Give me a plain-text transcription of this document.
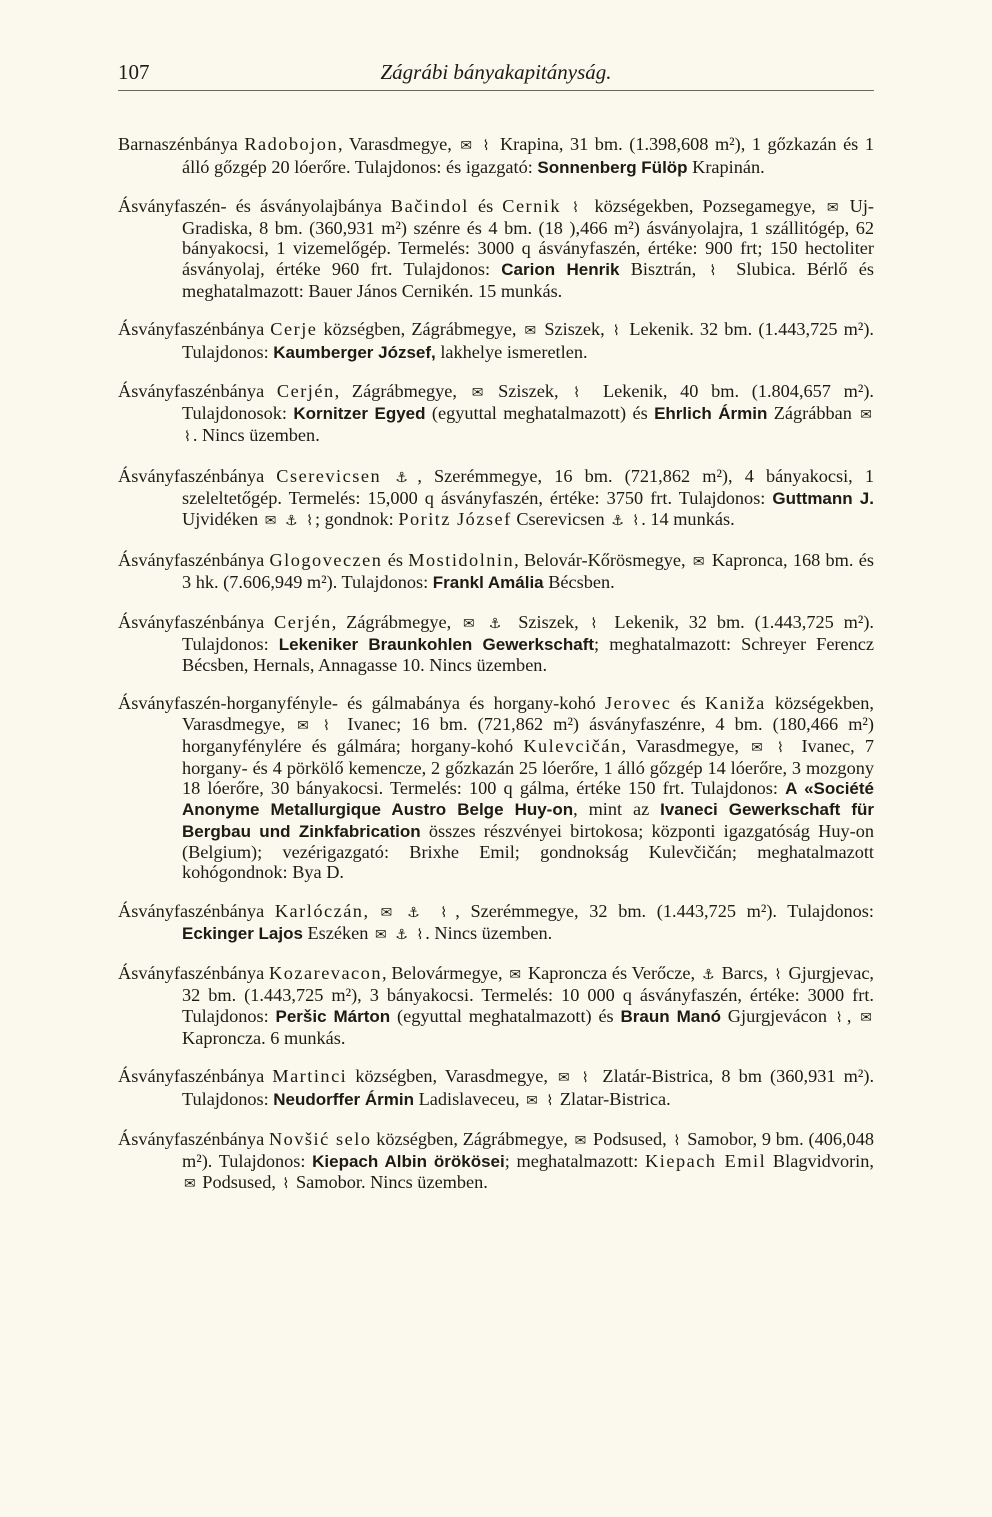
107	Zágrábi bányakapitányság.

Barnaszénbánya Radobojon, Varasdmegye, ✉ ⌇ Krapina, 31 bm. (1.398,608 m²), 1 gőzkazán és 1 álló gőzgép 20 lóerőre. Tulajdonos: és igazgató: Sonnenberg Fülöp Krapinán.

Ásványfaszén- és ásványolajbánya Bačindol és Cernik ⌇ községekben, Pozsegamegye, ✉ Uj-Gradiska, 8 bm. (360,931 m²) szénre és 4 bm. (18 ),466 m²) ásványolajra, 1 szállitógép, 62 bányakocsi, 1 vizemelőgép. Termelés: 3000 q ásványfaszén, értéke: 900 frt; 150 hectoliter ásványolaj, értéke 960 frt. Tulajdonos: Carion Henrik Bisztrán, ⌇ Slubica. Bérlő és meghatalmazott: Bauer János Cernikén. 15 munkás.

Ásványfaszénbánya Cerje községben, Zágrábmegye, ✉ Sziszek, ⌇ Lekenik. 32 bm. (1.443,725 m²). Tulajdonos: Kaumberger József, lakhelye ismeretlen.

Ásványfaszénbánya Cerjén, Zágrábmegye, ✉ Sziszek, ⌇ Lekenik, 40 bm. (1.804,657 m²). Tulajdonosok: Kornitzer Egyed (egyuttal meghatalmazott) és Ehrlich Ármin Zágrábban ✉ ⌇ . Nincs üzemben.

Ásványfaszénbánya Cserevicsen ⚓ , Szerémmegye, 16 bm. (721,862 m²), 4 bányakocsi, 1 szeleltetőgép. Termelés: 15,000 q ásványfaszén, értéke: 3750 frt. Tulajdonos: Guttmann J. Ujvidéken ✉ ⚓ ⌇ ; gondnok: Poritz József Cserevicsen ⚓ ⌇ . 14 munkás.

Ásványfaszénbánya Glogoveczen és Mostidolnin, Belovár-Kőrösmegye, ✉ Kapronca, 168 bm. és 3 hk. (7.606,949 m²). Tulajdonos: Frankl Amália Bécsben.

Ásványfaszénbánya Cerjén, Zágrábmegye, ✉ ⚓ Sziszek, ⌇ Lekenik, 32 bm. (1.443,725 m²). Tulajdonos: Lekeniker Braunkohlen Gewerkschaft; meghatalmazott: Schreyer Ferencz Bécsben, Hernals, Annagasse 10. Nincs üzemben.

Ásványfaszén-horganyfényle- és gálmabánya és horgany-kohó Jerovec és Kaniža községekben, Varasdmegye, ✉ ⌇ Ivanec; 16 bm. (721,862 m²) ásványfaszénre, 4 bm. (180,466 m²) horganyfénylére és gálmára; horgany-kohó Kulevcičán, Varasdmegye, ✉ ⌇ Ivanec, 7 horgany- és 4 pörkölő kemencze, 2 gőzkazán 25 lóerőre, 1 álló gőzgép 14 lóerőre, 3 mozgony 18 lóerőre, 30 bányakocsi. Termelés: 100 q gálma, értéke 150 frt. Tulajdonos: A «Société Anonyme Metallurgique Austro Belge Huy-on, mint az Ivaneci Gewerkschaft für Bergbau und Zinkfabrication összes részvényei birtokosa; központi igazgatóság Huy-on (Belgium); vezérigazgató: Brixhe Emil; gondnokság Kulevčičán; meghatalmazott kohógondnok: Bya D.

Ásványfaszénbánya Karlóczán, ✉ ⚓ ⌇ , Szerémmegye, 32 bm. (1.443,725 m²). Tulajdonos: Eckinger Lajos Eszéken ✉ ⚓ ⌇ . Nincs üzemben.

Ásványfaszénbánya Kozarevacon, Belovármegye, ✉ Kaproncza és Verőcze, ⚓ Barcs, ⌇ Gjurgjevac, 32 bm. (1.443,725 m²), 3 bányakocsi. Termelés: 10 000 q ásványfaszén, értéke: 3000 frt. Tulajdonos: Peršic Márton (egyuttal meghatalmazott) és Braun Manó Gjurgjevácon ⌇ , ✉ Kaproncza. 6 munkás.

Ásványfaszénbánya Martinci községben, Varasdmegye, ✉ ⌇ Zlatár-Bistrica, 8 bm (360,931 m²). Tulajdonos: Neudorffer Ármin Ladislaveceu, ✉ ⌇ Zlatar-Bistrica.

Ásványfaszénbánya Novšić selo községben, Zágrábmegye, ✉ Podsused, ⌇ Samobor, 9 bm. (406,048 m²). Tulajdonos: Kiepach Albin örökösei; meghatalmazott: Kiepach Emil Blagvidvorin, ✉ Podsused, ⌇ Samobor. Nincs üzemben.
